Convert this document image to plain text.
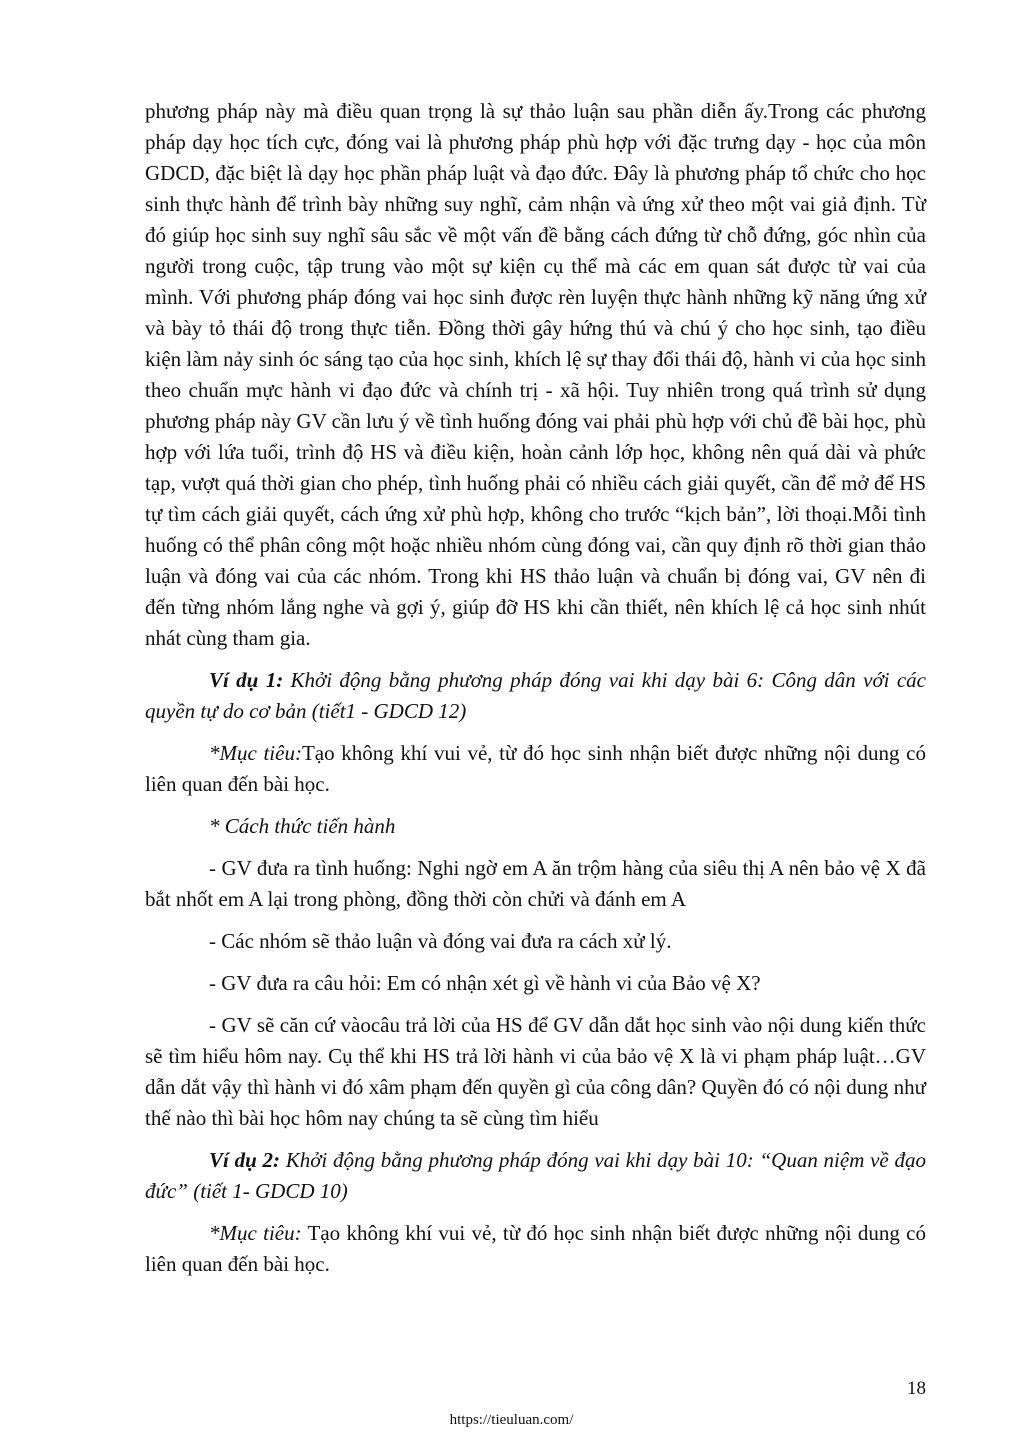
phương pháp này mà điều quan trọng là sự thảo luận sau phần diễn ấy.Trong các phương pháp dạy học tích cực, đóng vai là phương pháp phù hợp với đặc trưng dạy - học của môn GDCD, đặc biệt là dạy học phần pháp luật và đạo đức. Đây là phương pháp tổ chức cho học sinh thực hành để trình bày những suy nghĩ, cảm nhận và ứng xử theo một vai giả định. Từ đó giúp học sinh suy nghĩ sâu sắc về một vấn đề bằng cách đứng từ chỗ đứng, góc nhìn của người trong cuộc, tập trung vào một sự kiện cụ thể mà các em quan sát được từ vai của mình. Với phương pháp đóng vai học sinh được rèn luyện thực hành những kỹ năng ứng xử và bày tỏ thái độ trong thực tiễn. Đồng thời gây hứng thú và chú ý cho học sinh, tạo điều kiện làm nảy sinh óc sáng tạo của học sinh, khích lệ sự thay đổi thái độ, hành vi của học sinh theo chuẩn mực hành vi đạo đức và chính trị - xã hội. Tuy nhiên trong quá trình sử dụng phương pháp này GV cần lưu ý về tình huống đóng vai phải phù hợp với chủ đề bài học, phù hợp với lứa tuổi, trình độ HS và điều kiện, hoàn cảnh lớp học, không nên quá dài và phức tạp, vượt quá thời gian cho phép, tình huống phải có nhiều cách giải quyết, cần để mở để HS tự tìm cách giải quyết, cách ứng xử phù hợp, không cho trước “kịch bản”, lời thoại.Mỗi tình huống có thể phân công một hoặc nhiều nhóm cùng đóng vai, cần quy định rõ thời gian thảo luận và đóng vai của các nhóm. Trong khi HS thảo luận và chuẩn bị đóng vai, GV nên đi đến từng nhóm lắng nghe và gợi ý, giúp đỡ HS khi cần thiết, nên khích lệ cả học sinh nhút nhát cùng tham gia.

Ví dụ 1: Khởi động bằng phương pháp đóng vai khi dạy bài 6: Công dân với các quyền tự do cơ bản (tiết1 - GDCD 12)

*Mục tiêu:Tạo không khí vui vẻ, từ đó học sinh nhận biết được những nội dung có liên quan đến bài học.

* Cách thức tiến hành

- GV đưa ra tình huống: Nghi ngờ em A ăn trộm hàng của siêu thị A nên bảo vệ X đã bắt nhốt em A lại trong phòng, đồng thời còn chửi và đánh em A

- Các nhóm sẽ thảo luận và đóng vai đưa ra cách xử lý.

- GV đưa ra câu hỏi: Em có nhận xét gì về hành vi của Bảo vệ X?

- GV sẽ căn cứ vàocâu trả lời của HS để GV dẫn dắt học sinh vào nội dung kiến thức sẽ tìm hiểu hôm nay. Cụ thể khi HS trả lời hành vi của bảo vệ X là vi phạm pháp luật…GV dẫn dắt vậy thì hành vi đó xâm phạm đến quyền gì của công dân? Quyền đó có nội dung như thế nào thì bài học hôm nay chúng ta sẽ cùng tìm hiểu

Ví dụ 2: Khởi động bằng phương pháp đóng vai khi dạy bài 10: “Quan niệm về đạo đức” (tiết 1- GDCD 10)

*Mục tiêu: Tạo không khí vui vẻ, từ đó học sinh nhận biết được những nội dung có liên quan đến bài học.

18
https://tieuluan.com/
